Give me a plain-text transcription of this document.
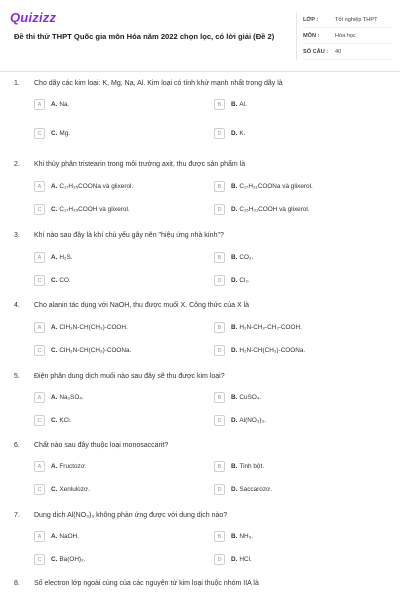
Quizizz
Đề thi thử THPT Quốc gia môn Hóa năm 2022 chọn lọc, có lời giải (Đề 2)
LỚP :	Tốt nghiệp THPT
MÔN :	Hóa học
SỐ CÂU :	40
1. Cho dãy các kim loại: K, Mg, Na, Al. Kim loại có tính khử mạnh nhất trong dãy là
A	A. Na.	B	B. Al.
C	C. Mg.	D	D. K.
2. Khi thủy phân tristearin trong môi trường axit, thu được sản phẩm là
A	A. C₁₇H₃₅COONa và glixerol.	B	B. C₁₇H₃₁COONa và glixerol.
C	C. C₁₇H₃₅COOH và glixerol.	D	D. C₁₅H₃₁COOH và glixerol.
3. Khí nào sau đây là khí chủ yếu gây nên "hiệu ứng nhà kính"?
A	A. H₂S.	B	B. CO₂.
C	C. CO.	D	D. Cl₂.
4. Cho alanin tác dụng với NaOH, thu được muối X. Công thức của X là
A	A. ClH₃N-CH(CH₃)-COOH.	B	B. H₂N-CH₂-CH₂-COOH.
C	C. ClH₃N-CH(CH₃)-COONa.	D	D. H₂N-CH(CH₃)-COONa.
5. Điện phân dung dịch muối nào sau đây sẽ thu được kim loại?
A	A. Na₂SO₄.	B	B. CuSO₄.
C	C. KCl.	D	D. Al(NO₃)₃.
6. Chất nào sau đây thuộc loại monosaccarit?
A	A. Fructozơ.	B	B. Tinh bột.
C	C. Xenlulozơ.	D	D. Saccarozơ.
7. Dung dịch Al(NO₃)₃ không phản ứng được với dung dịch nào?
A	A. NaOH.	B	B. NH₃.
C	C. Ba(OH)₂.	D	D. HCl.
8. Số electron lớp ngoài cùng của các nguyên tử kim loại thuộc nhóm IIA là
